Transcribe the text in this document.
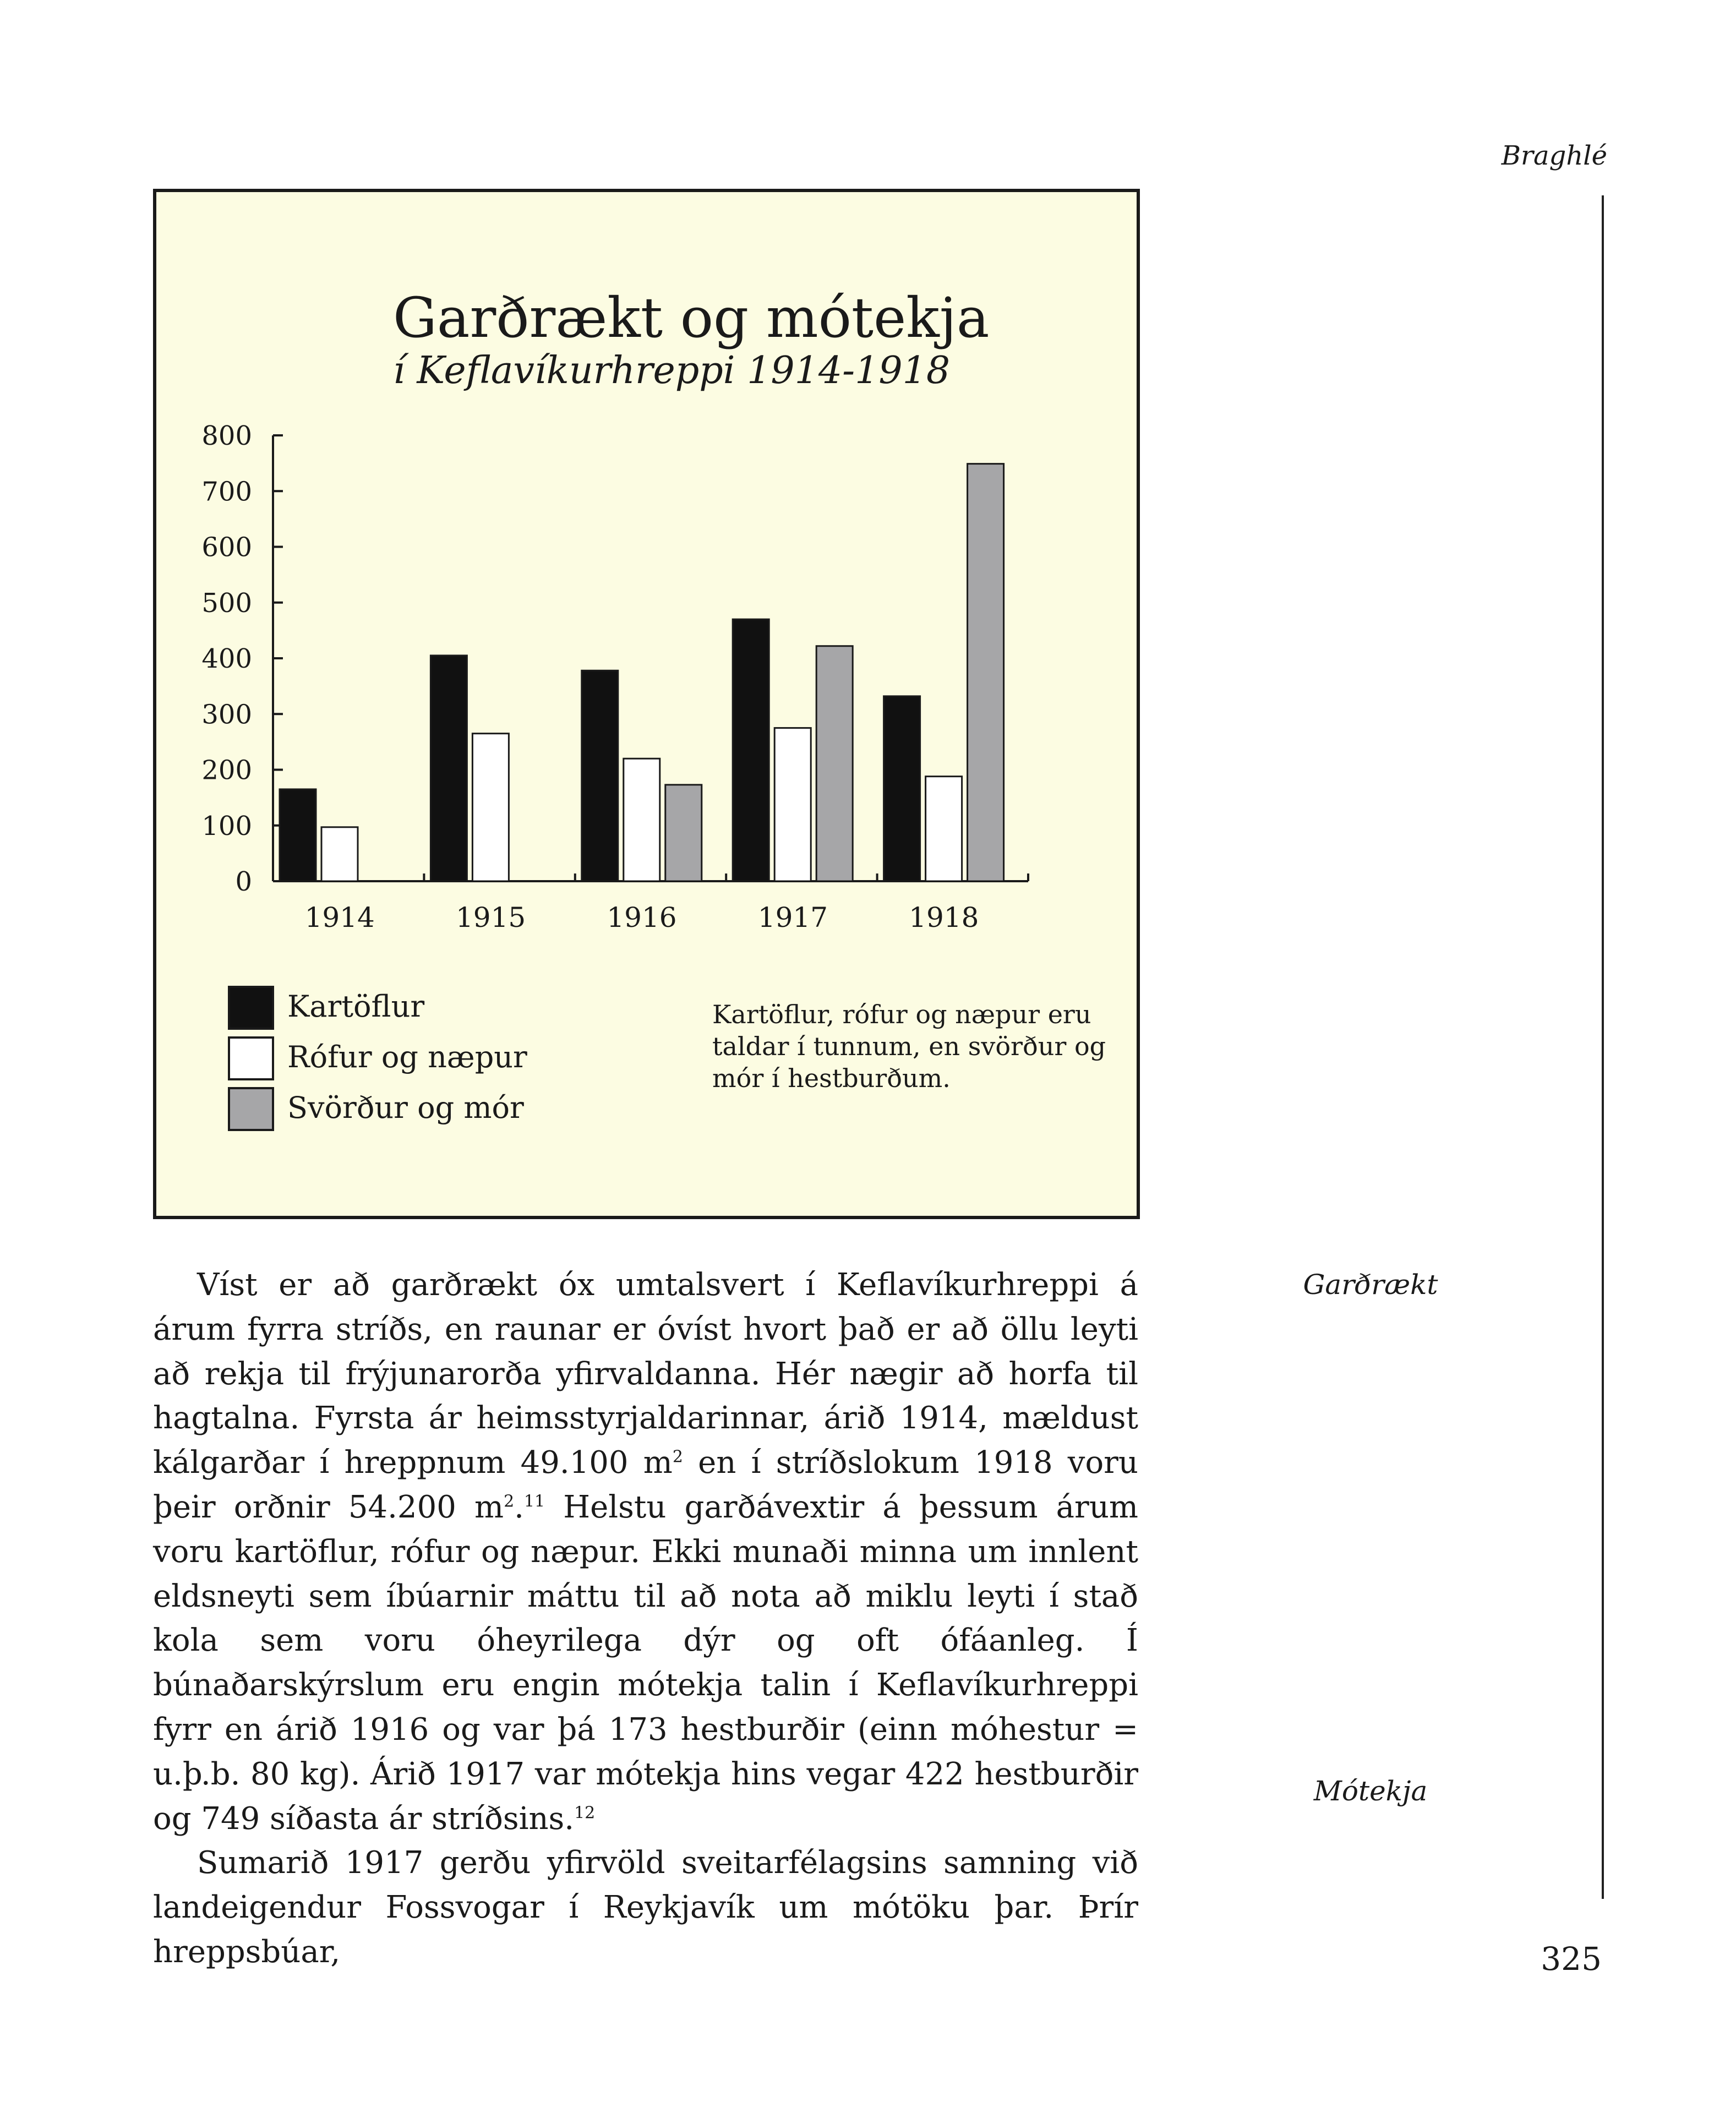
Braghlé
Garðrækt og mótekja
í Keflavíkurhreppi 1914-1918
0
100
200
300
400
500
600
700
800
1914	1915	1916	1917	1918
Kartöflur
Rófur og næpur
Svörður og mór
Kartöflur, rófur og næpur eru taldar í tunnum, en svörður og mór í hestburðum.

Víst er að garðrækt óx umtalsvert í Keflavíkurhreppi á árum fyrra stríðs, en raunar er óvíst hvort það er að öllu leyti að rekja til frýjunarorða yfirvaldanna. Hér nægir að horfa til hagtalna. Fyrsta ár heimsstyrjaldarinnar, árið 1914, mældust kálgarðar í hreppnum 49.100 $m^2$ en í stríðslokum 1918 voru þeir orðnir 54.200 $m^2.^{11}$ Helstu garðávextir á þessum árum voru kartöflur, rófur og næpur. Ekki munaði minna um innlent eldsneyti sem íbúarnir máttu til að nota að miklu leyti í stað kola sem voru óheyrilega dýr og oft ófáanleg. Í búnaðarskýrslum eru engin mótekja talin í Keflavíkurhreppi fyrr en árið 1916 og var þá 173 hestburðir (einn móhestur = u.þ.b. 80 kg). Árið 1917 var mótekja hins vegar 422 hestburðir og 749 síðasta ár stríðsins.$^{12}$

Sumarið 1917 gerðu yfirvöld sveitarfélagsins samning við landeigendur Fossvogar í Reykjavík um mótöku þar. Þrír hreppsbúar,

Garðrækt
Mótekja
325
